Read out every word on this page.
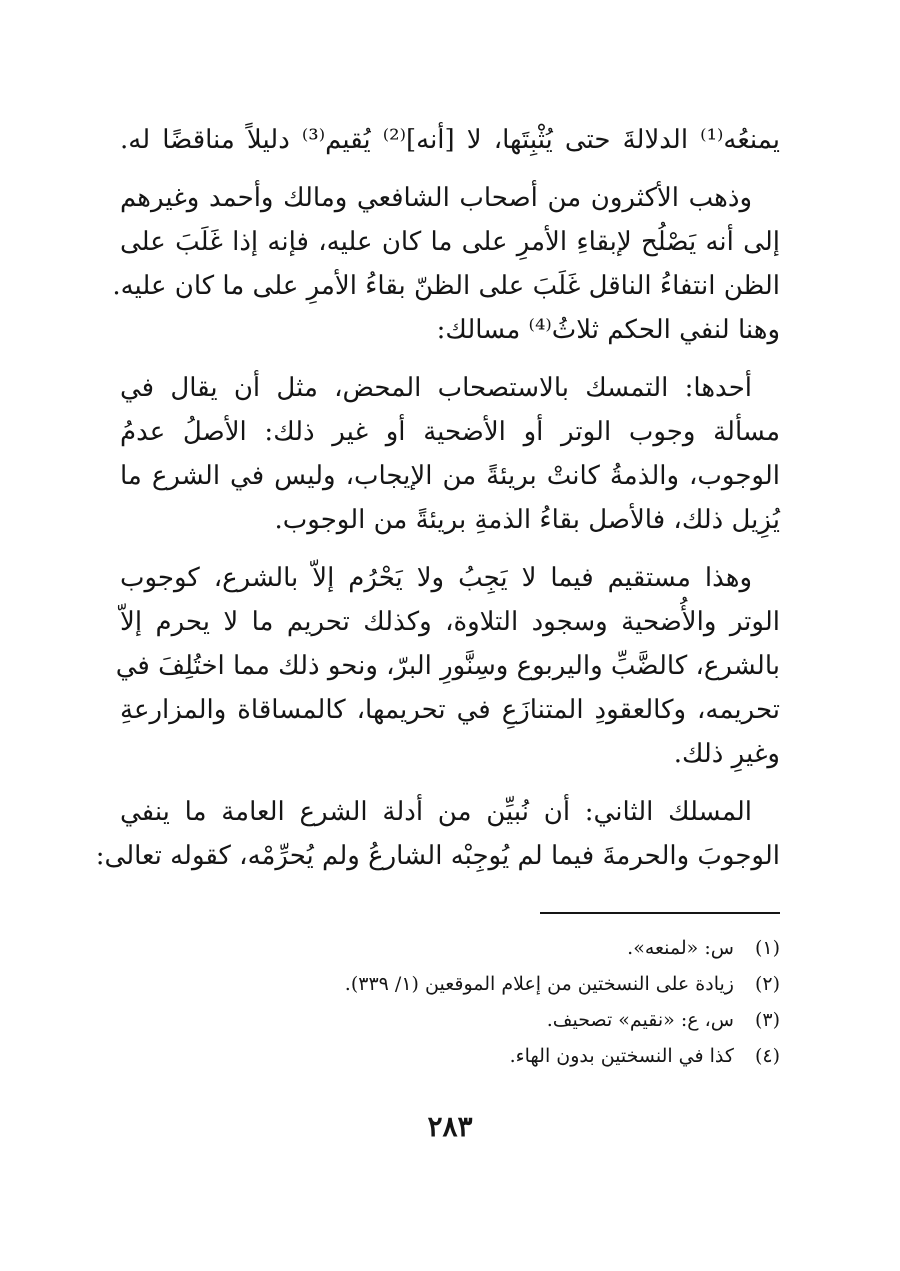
يمنعُه⁽¹⁾ الدلالةَ حتى يُثْبِتَها، لا [أنه]⁽²⁾ يُقيم⁽³⁾ دليلاً مناقضًا له.
وذهب الأكثرون من أصحاب الشافعي ومالك وأحمد وغيرهم
إلى أنه يَصْلُح لإبقاءِ الأمرِ على ما كان عليه، فإنه إذا غَلَبَ على
الظن انتفاءُ الناقل غَلَبَ على الظنّ بقاءُ الأمرِ على ما كان عليه.
وهنا لنفي الحكم ثلاثُ⁽⁴⁾ مسالك:
أحدها: التمسك بالاستصحاب المحض، مثل أن يقال في
مسألة وجوب الوتر أو الأضحية أو غير ذلك: الأصلُ عدمُ
الوجوب، والذمةُ كانتْ بريئةً من الإيجاب، وليس في الشرع ما
يُزِيل ذلك، فالأصل بقاءُ الذمةِ بريئةً من الوجوب.
وهذا مستقيم فيما لا يَجِبُ ولا يَحْرُم إلاّ بالشرع، كوجوب
الوتر والأُضحية وسجود التلاوة، وكذلك تحريم ما لا يحرم إلاّ
بالشرع، كالضَّبِّ واليربوع وسِنَّورِ البرّ، ونحو ذلك مما اختُلِفَ في
تحريمه، وكالعقودِ المتنازَعِ في تحريمها، كالمساقاة والمزارعةِ
وغيرِ ذلك.
المسلك الثاني: أن نُبيِّن من أدلة الشرع العامة ما ينفي
الوجوبَ والحرمةَ فيما لم يُوجِبْه الشارعُ ولم يُحرِّمْه، كقوله تعالى:
(١) س: «لمنعه».
(٢) زيادة على النسختين من إعلام الموقعين (١/ ٣٣٩).
(٣) س، ع: «نقيم» تصحيف.
(٤) كذا في النسختين بدون الهاء.
٢٨٣
